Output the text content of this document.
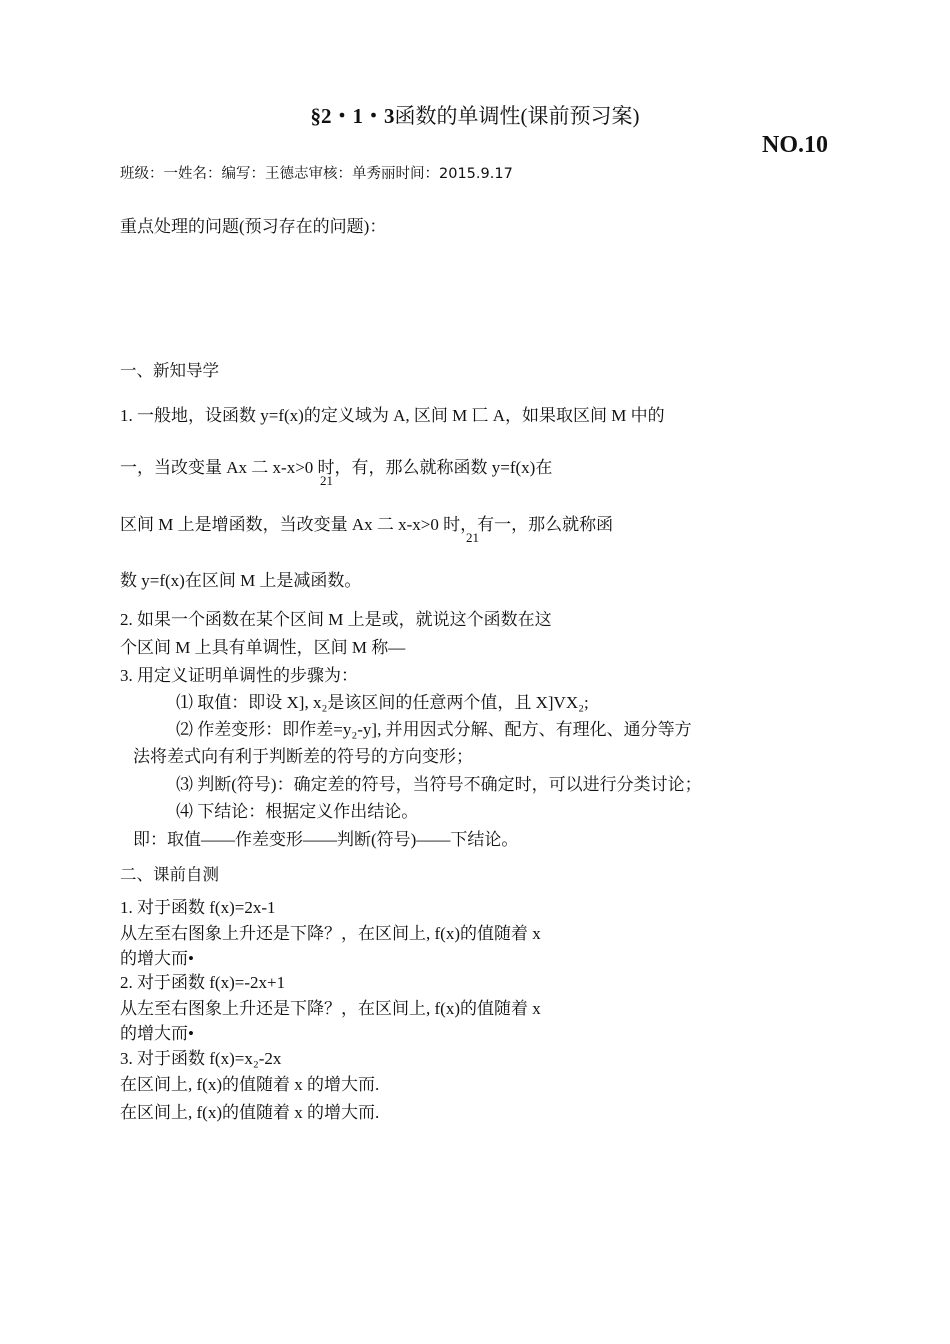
§2・1・3函数的单调性(课前预习案)
NO.10
班级：一姓名：编写：王德志审核：单秀丽时间：2015.9.17
重点处理的问题(预习存在的问题)：
一、新知导学
1. 一般地，设函数 y=f(x)的定义域为 A, 区间 M 匸 A，如果取区间 M 中的
一，当改变量 Ax 二 x-x>0 时，有，那么就称函数 y=f(x)在
21
区间 M 上是增函数，当改变量 Ax 二 x-x>0 时，有一，那么就称函
21
数 y=f(x)在区间 M 上是减函数。
2. 如果一个函数在某个区间 M 上是或，就说这个函数在这
个区间 M 上具有单调性，区间 M 称—
3. 用定义证明单调性的步骤为：
⑴ 取值：即设 X], x₂是该区间的任意两个值，且 X]VX₂;
⑵ 作差变形：即作差=y₂-y], 并用因式分解、配方、有理化、通分等方
法将差式向有利于判断差的符号的方向变形；
⑶ 判断(符号)：确定差的符号，当符号不确定时，可以进行分类讨论；
⑷ 下结论：根据定义作出结论。
即：取值——作差变形——判断(符号)——下结论。
二、课前自测
1. 对于函数 f(x)=2x-1
从左至右图象上升还是下降？，在区间上, f(x)的值随着 x
的增大而•
2. 对于函数 f(x)=-2x+1
从左至右图象上升还是下降？，在区间上, f(x)的值随着 x
的增大而•
3. 对于函数 f(x)=x₂-2x
在区间上, f(x)的值随着 x 的增大而.
在区间上, f(x)的值随着 x 的增大而.
